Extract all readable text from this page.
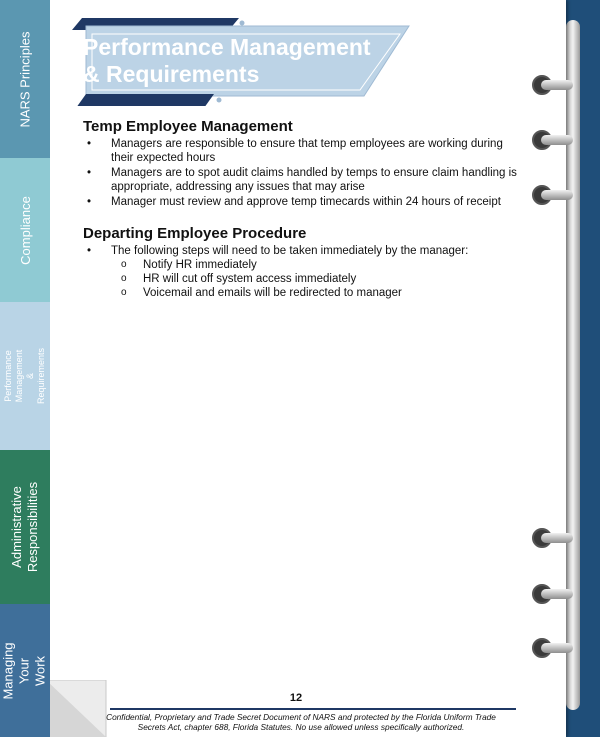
Performance Management
& Requirements
Temp Employee Management
• Managers are responsible to ensure that temp employees are working during their expected hours
• Managers are to spot audit claims handled by temps to ensure claim handling is appropriate, addressing any issues that may arise
• Manager must review and approve temp timecards within 24 hours of receipt
Departing Employee Procedure
• The following steps will need to be taken immediately by the manager:
o Notify HR immediately
o HR will cut off system access immediately
o Voicemail and emails will be redirected to manager
12
Confidential, Proprietary and Trade Secret Document of NARS and protected by the Florida Uniform Trade
Secrets Act, chapter 688, Florida Statutes. No use allowed unless specifically authorized.
NARS Principles
Compliance
Performance Management & Requirements
Administrative Responsibilities
Managing Your Work
